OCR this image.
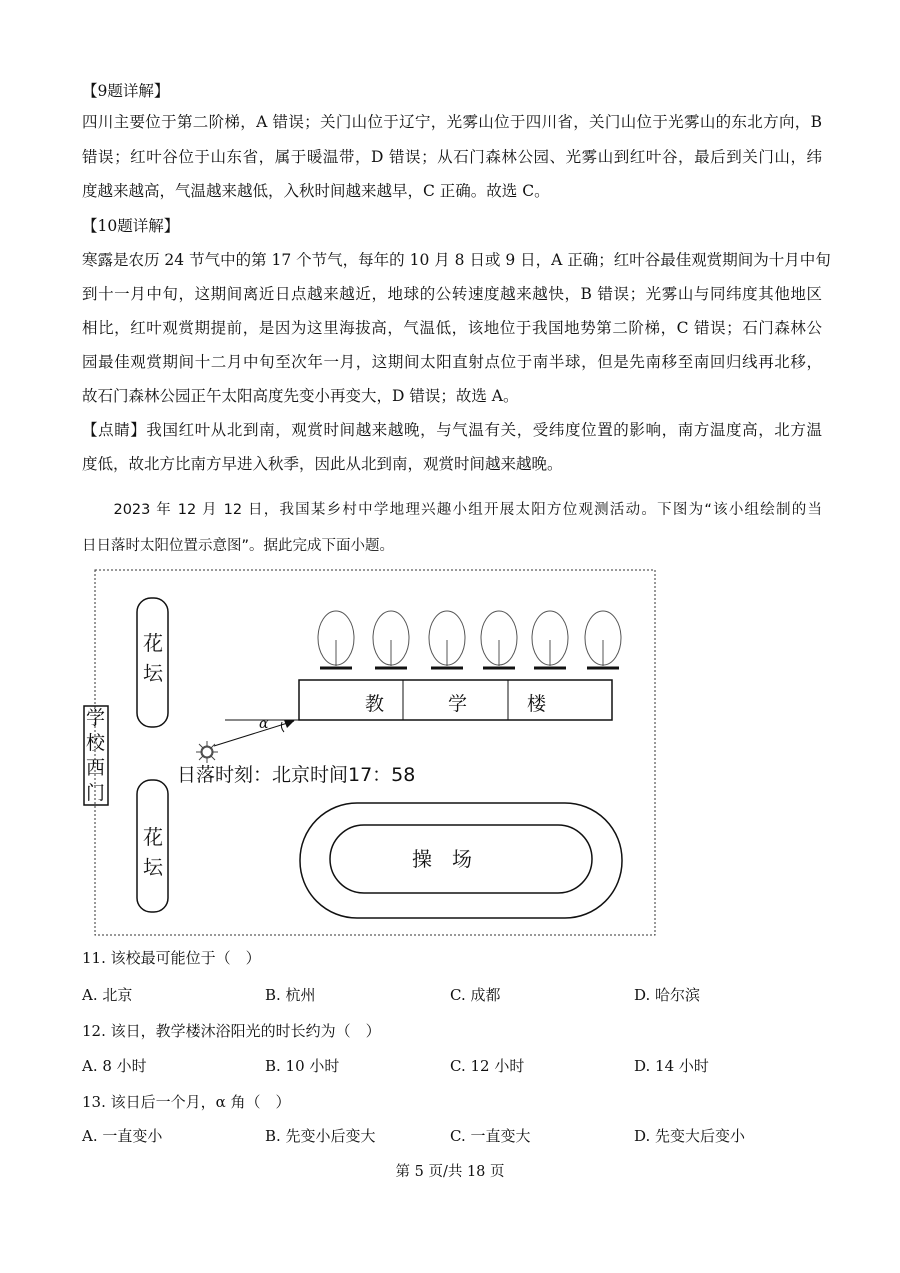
【9题详解】
四川主要位于第二阶梯，A 错误；关门山位于辽宁，光雾山位于四川省，关门山位于光雾山的东北方向，B
错误；红叶谷位于山东省，属于暖温带，D 错误；从石门森林公园、光雾山到红叶谷，最后到关门山，纬
度越来越高，气温越来越低，入秋时间越来越早，C 正确。故选 C。
【10题详解】
寒露是农历 24 节气中的第 17 个节气，每年的 10 月 8 日或 9 日，A 正确；红叶谷最佳观赏期间为十月中旬
到十一月中旬，这期间离近日点越来越近，地球的公转速度越来越快，B 错误；光雾山与同纬度其他地区
相比，红叶观赏期提前，是因为这里海拔高，气温低，该地位于我国地势第二阶梯，C 错误；石门森林公
园最佳观赏期间十二月中旬至次年一月，这期间太阳直射点位于南半球，但是先南移至南回归线再北移，
故石门森林公园正午太阳高度先变小再变大，D 错误；故选 A。
【点睛】我国红叶从北到南，观赏时间越来越晚，与气温有关，受纬度位置的影响，南方温度高，北方温
度低，故北方比南方早进入秋季，因此从北到南，观赏时间越来越晚。
　　2023 年 12 月 12 日，我国某乡村中学地理兴趣小组开展太阳方位观测活动。下图为“该小组绘制的当
日日落时太阳位置示意图”。据此完成下面小题。
花
坛
花
坛
学
校
西
门
教	学	楼
α
日落时刻：北京时间17：58
操　场
11. 该校最可能位于（　）
A. 北京	B. 杭州	C. 成都	D. 哈尔滨
12. 该日，教学楼沐浴阳光的时长约为（　）
A. 8 小时	B. 10 小时	C. 12 小时	D. 14 小时
13. 该日后一个月，α 角（　）
A. 一直变小	B. 先变小后变大	C. 一直变大	D. 先变大后变小
第 5 页/共 18 页
